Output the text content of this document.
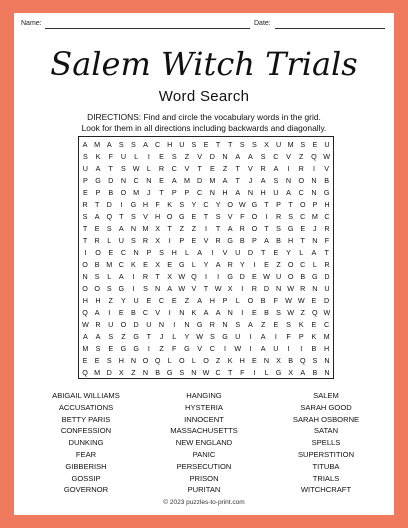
Name:	Date:
Salem Witch Trials
Word Search
DIRECTIONS: Find and circle the vocabulary words in the grid.
Look for them in all directions including backwards and diagonally.
A M A	S	S	A C H U S	E	T	T	S	S	X U M S	E U
S	K	F	U	L	I	E	S	Z	V	D	N	A	A	S	C	V	Z	Q W
U	A	T	S W	L	R	C	V	T	E	Z	T	V	R	A	I	R	I	V
P	G	D	N	C	N	E	A	M D M	A	T	J	A	S	N	O	N	B
E	P	B	O M	J	T	P	P	C	N	H	A	N	H	U	A	C	N	G
R	T	D	I	G H	F	K	S	Y C Y O W G T	P	T O P H
S	A Q T	S	V H O G E	T	S	V	F O	I	R S C M C
T	E	S	A N M X	T	Z	Z	I	T	A R O T	S G E	J	R
T	R	L	U S R X	I	P	E	V R G B	P	A	B H	T	N	F
I	O	E	C	N	P	S	H	L	A	I	V	U	D	T	E	Y	L	A	T
O B M C K	E	X	E G	L	Y	A R Y	I	E	Z O C	L	R
N S	L	A	I	R	T	X W Q	I	I	G D E W U O B G D
O O S G	I	S N A W V	T W X	I	R D N W R N U
H	H	Z	Y	U	E	C	E	Z	A	H	P	L	O	B	F W W E	D
Q A	I	E	B C V	I	N K	A	A N	I	E	B	S W Z Q W
W R	U	O	D	U	N	I	N	G	R	N	S	A	Z	E	S	K	E	C
A	A	S	Z	G	T	J	L	Y W S	G	U	I	A	I	F	P	K	M
M	S	E	G G	I	Z	F	G	V	C	I	W	I	A	U	I	I	B	H
E	E	S H N O Q	L	O	L	O Z	K H E N X	B Q S N
Q M D X	Z	N B G S N W C	T	F	I	L	G X	A	B N
ABIGAIL WILLIAMS
ACCUSATIONS
BETTY PARIS
CONFESSION
DUNKING
FEAR
GIBBERISH
GOSSIP
GOVERNOR
HANGING
HYSTERIA
INNOCENT
MASSACHUSETTS
NEW ENGLAND
PANIC
PERSECUTION
PRISON
PURITAN
SALEM
SARAH GOOD
SARAH OSBORNE
SATAN
SPELLS
SUPERSTITION
TITUBA
TRIALS
WITCHCRAFT
© 2023 puzzles-to-print.com
